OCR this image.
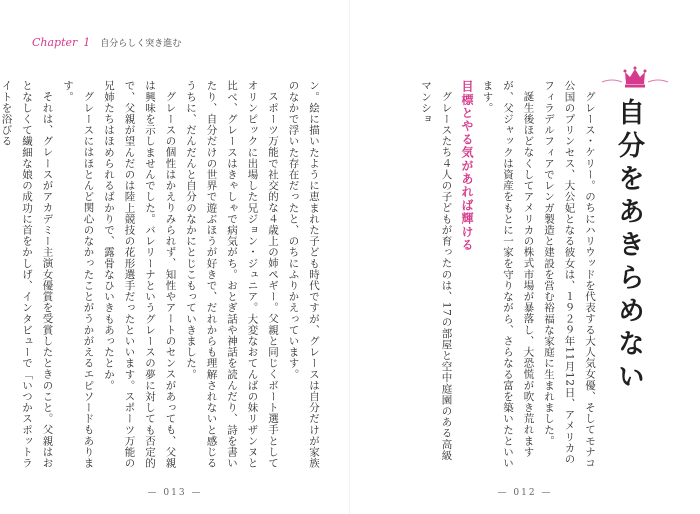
Chapter 1 自分らしく突き進む

ン。絵に描いたように恵まれた子ども時代ですが、グレースは自分だけが家族のなかで浮いた存在だったと、のちにふりかえっています。

スポーツ万能で社交的な４歳上の姉ペギー。父親と同じくボート選手としてオリンピックに出場した兄ジョン・ジュニア。大変なおてんばの妹リザンヌと比べ、グレースはきゃしゃで病気がち。おとぎ話や神話を読んだり、詩を書いたり、自分だけの世界で遊ぶほうが好きで、だれからも理解されないと感じるうちに、だんだんと自分のなかにとじこもっていきました。

グレースの個性はかえりみられず、知性やアートのセンスがあっても、父親は興味を示しませんでした。バレリーナというグレースの夢に対しても否定的で、父親が望んだのは陸上競技の花形選手だったといいます。スポーツ万能の兄姉たちはほめられるばかりで、露骨なひいきもあったとか。

グレースにはほとんど関心のなかったことがうかがえるエピソードもあります。

それは、グレースがアカデミー主演女優賞を受賞したときのこと。父親はおとなしくて繊細な娘の成功に首をかしげ、インタビューで「いつかスポットライトを浴びる

— 013 —
自分をあきらめない

グレース・ケリー。のちにハリウッドを代表する大人気女優、そしてモナコ公国のプリンセス、大公妃となる彼女は、１９２９年11月12日、アメリカのフィラデルフィアでレンガ製造と建設を営む裕福な家庭に生まれました。

誕生後ほどなくしてアメリカの株式市場が暴落し、大恐慌が吹き荒れますが、父ジャックは資産をもとに一家を守りながら、さらなる富を築いたといいます。

目標とやる気があれば輝ける

グレースたち４人の子どもが育ったのは、17の部屋と空中庭園のある高級マンショ

— 012 —
